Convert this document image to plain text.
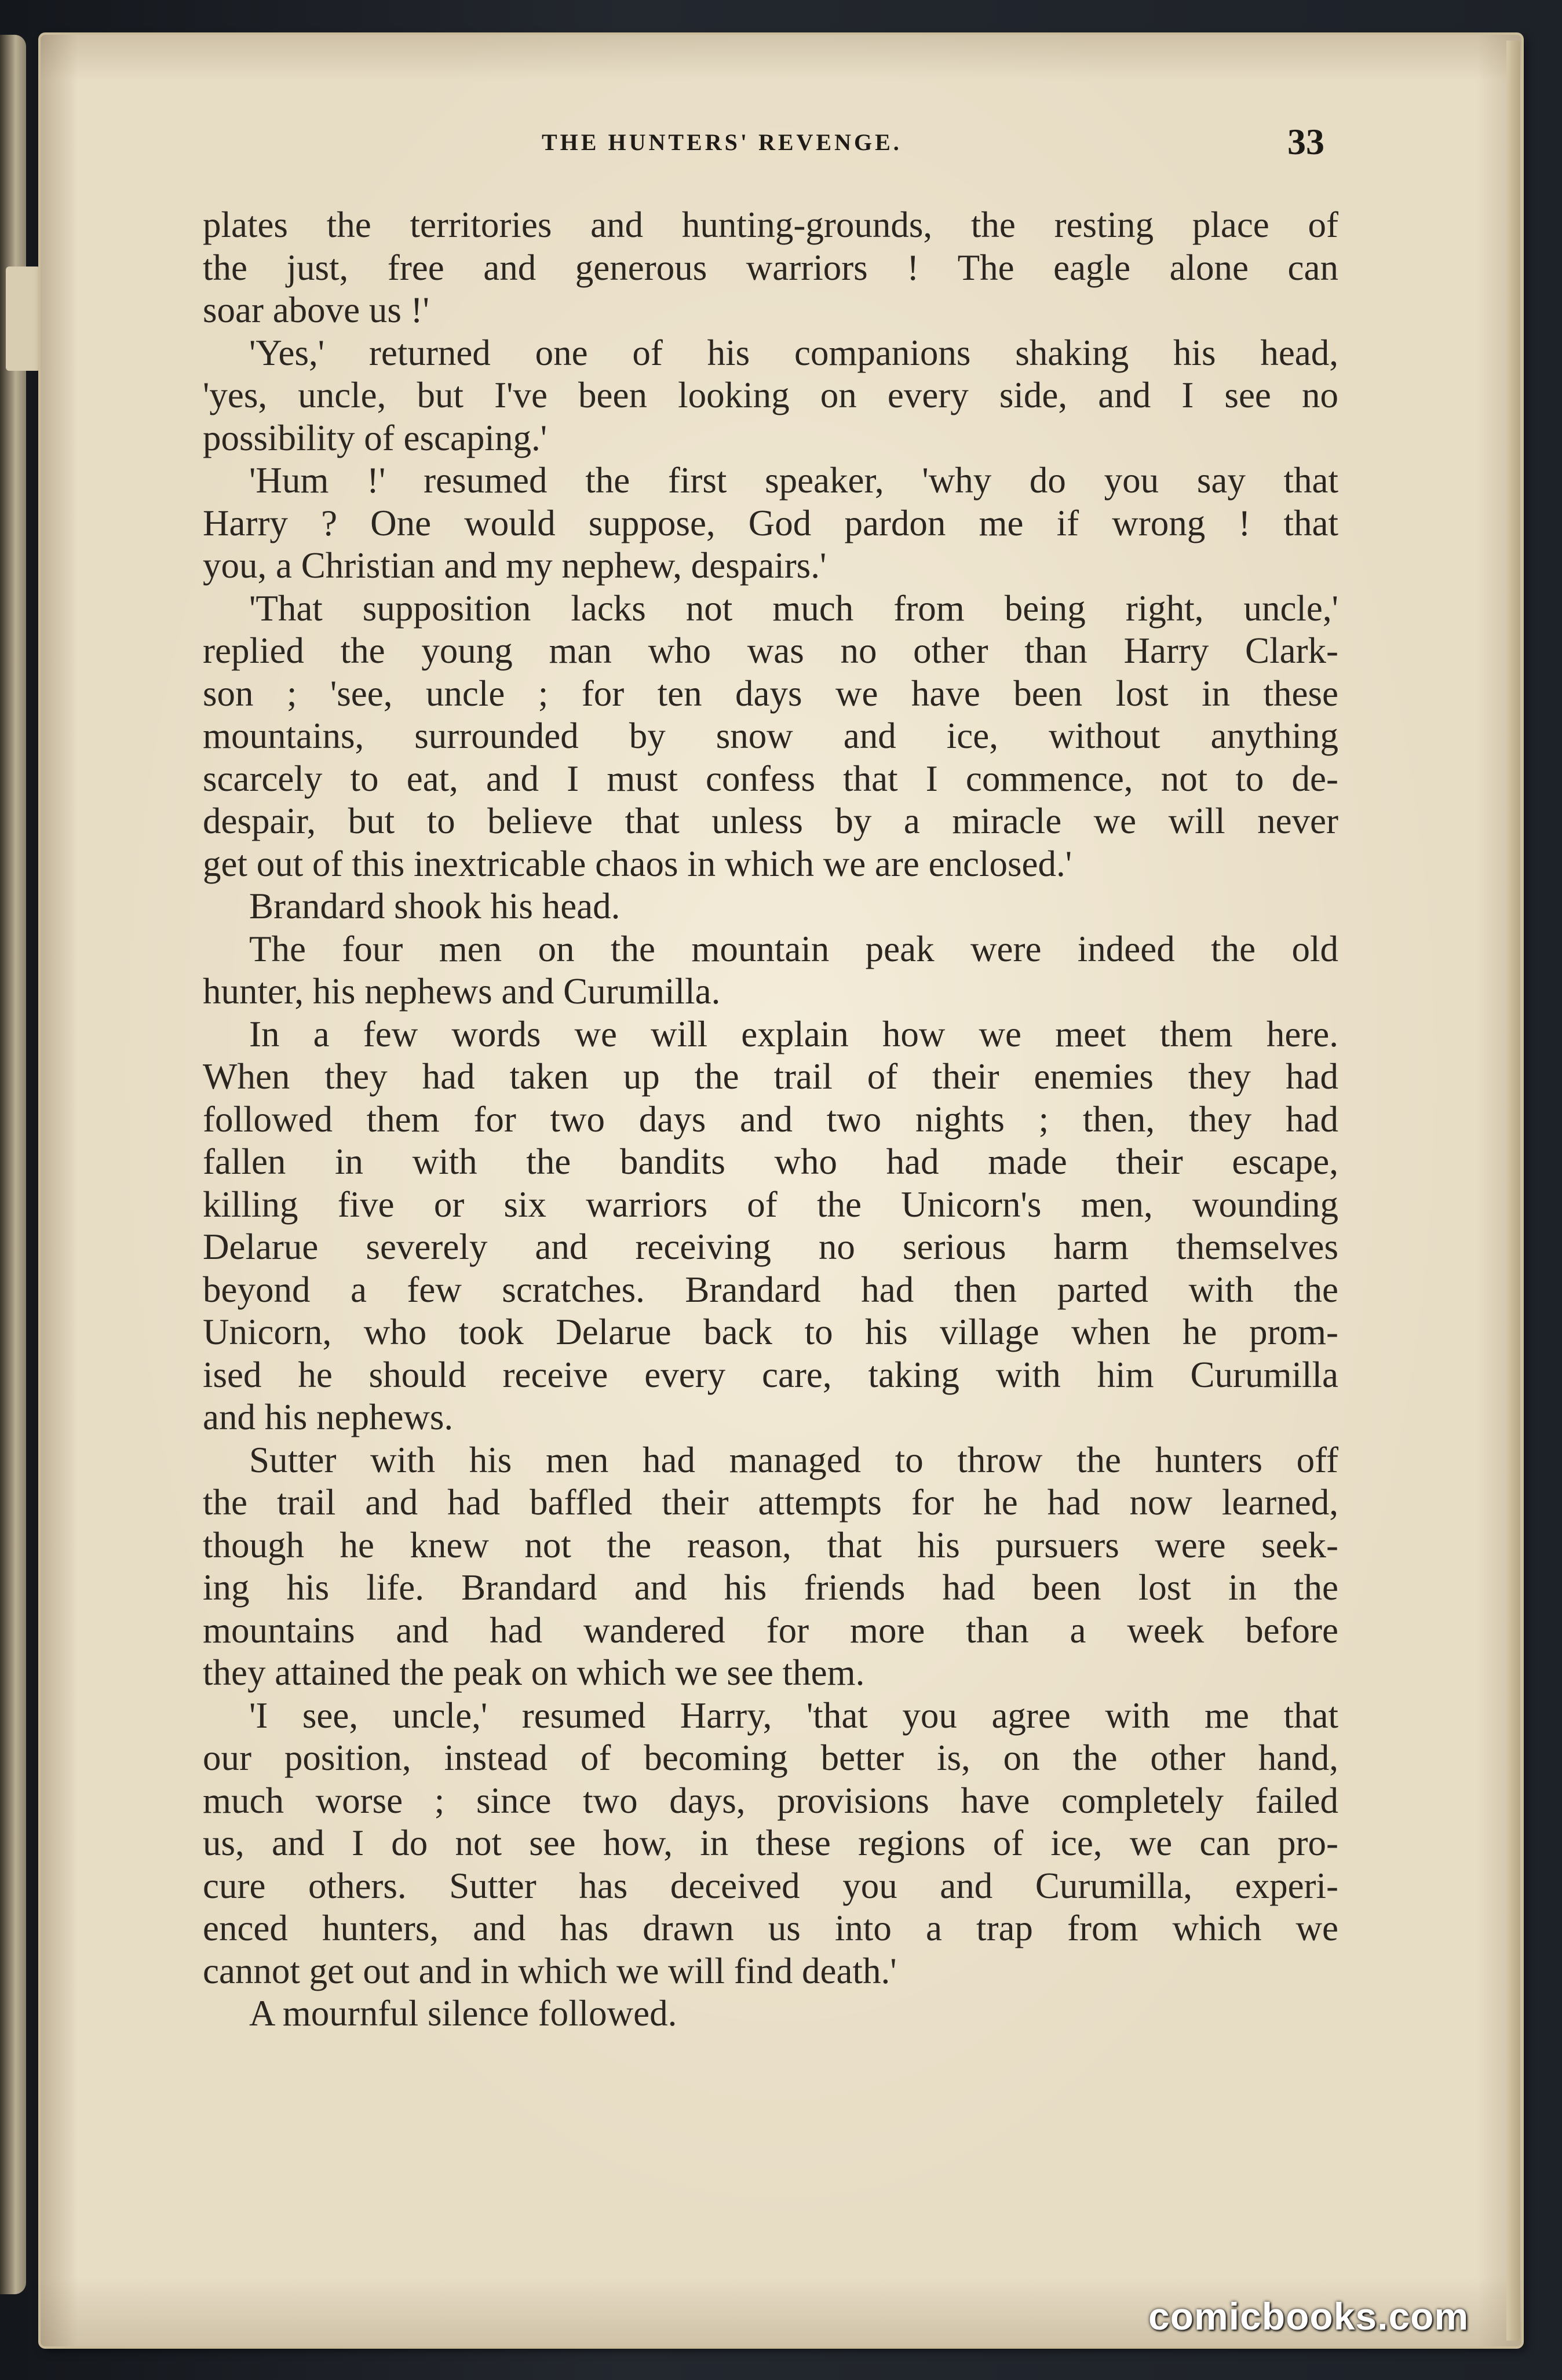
THE HUNTERS' REVENGE.	33
plates the territories and hunting-grounds, the resting place of
the just, free and generous warriors ! The eagle alone can
soar above us !'
'Yes,' returned one of his companions shaking his head,
'yes, uncle, but I've been looking on every side, and I see no
possibility of escaping.'
'Hum !' resumed the first speaker, 'why do you say that
Harry ? One would suppose, God pardon me if wrong ! that
you, a Christian and my nephew, despairs.'
'That supposition lacks not much from being right, uncle,'
replied the young man who was no other than Harry Clark-
son ; 'see, uncle ; for ten days we have been lost in these
mountains, surrounded by snow and ice, without anything
scarcely to eat, and I must confess that I commence, not to de-
despair, but to believe that unless by a miracle we will never
get out of this inextricable chaos in which we are enclosed.'
Brandard shook his head.
The four men on the mountain peak were indeed the old
hunter, his nephews and Curumilla.
In a few words we will explain how we meet them here.
When they had taken up the trail of their enemies they had
followed them for two days and two nights ; then, they had
fallen in with the bandits who had made their escape,
killing five or six warriors of the Unicorn's men, wounding
Delarue severely and receiving no serious harm themselves
beyond a few scratches. Brandard had then parted with the
Unicorn, who took Delarue back to his village when he prom-
ised he should receive every care, taking with him Curumilla
and his nephews.
Sutter with his men had managed to throw the hunters off
the trail and had baffled their attempts for he had now learned,
though he knew not the reason, that his pursuers were seek-
ing his life. Brandard and his friends had been lost in the
mountains and had wandered for more than a week before
they attained the peak on which we see them.
'I see, uncle,' resumed Harry, 'that you agree with me that
our position, instead of becoming better is, on the other hand,
much worse ; since two days, provisions have completely failed
us, and I do not see how, in these regions of ice, we can pro-
cure others. Sutter has deceived you and Curumilla, experi-
enced hunters, and has drawn us into a trap from which we
cannot get out and in which we will find death.'
A mournful silence followed.
comicbooks.com
